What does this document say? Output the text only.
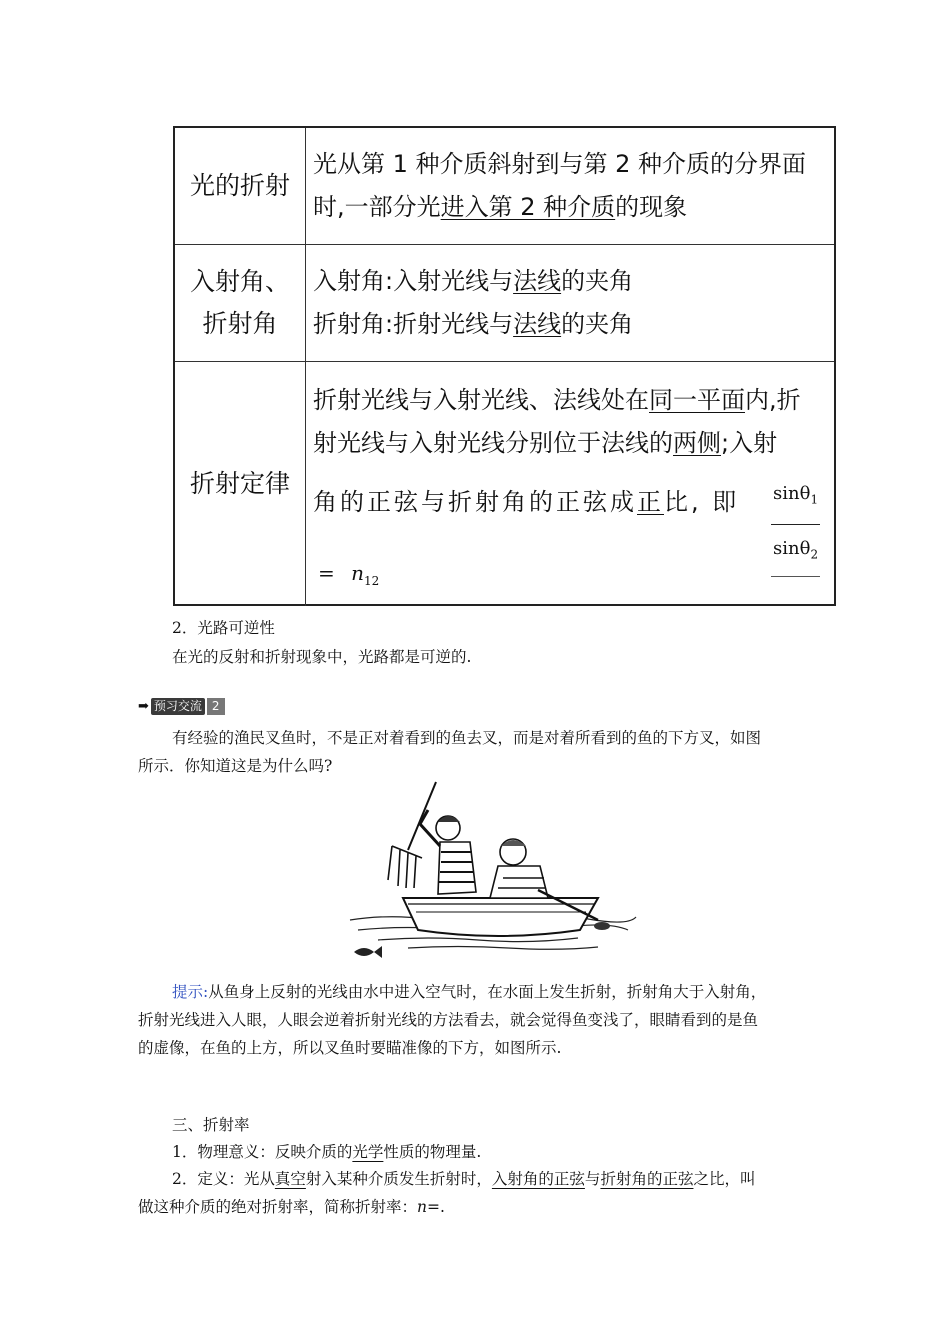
光的折射
光从第 1 种介质斜射到与第 2 种介质的分界面
时,一部分光进入第 2 种介质的现象
入射角、
折射角
入射角:入射光线与法线的夹角
折射角:折射光线与法线的夹角
折射定律
折射光线与入射光线、法线处在同一平面内,折
射光线与入射光线分别位于法线的两侧;入射
角的正弦与折射角的正弦成正比, 即	$\frac{\sin\theta_1}{\sin\theta_2}$
= $n_{12}$
2．光路可逆性
在光的反射和折射现象中，光路都是可逆的.
➡ 预习交流 2
有经验的渔民叉鱼时，不是正对着看到的鱼去叉，而是对着所看到的鱼的下方叉，如图
所示．你知道这是为什么吗?
提示:从鱼身上反射的光线由水中进入空气时，在水面上发生折射，折射角大于入射角，
折射光线进入人眼，人眼会逆着折射光线的方法看去，就会觉得鱼变浅了，眼睛看到的是鱼
的虚像，在鱼的上方，所以叉鱼时要瞄准像的下方，如图所示.
三、折射率
1．物理意义：反映介质的光学性质的物理量.
2．定义：光从真空射入某种介质发生折射时，入射角的正弦与折射角的正弦之比，叫
做这种介质的绝对折射率，简称折射率：n=.
